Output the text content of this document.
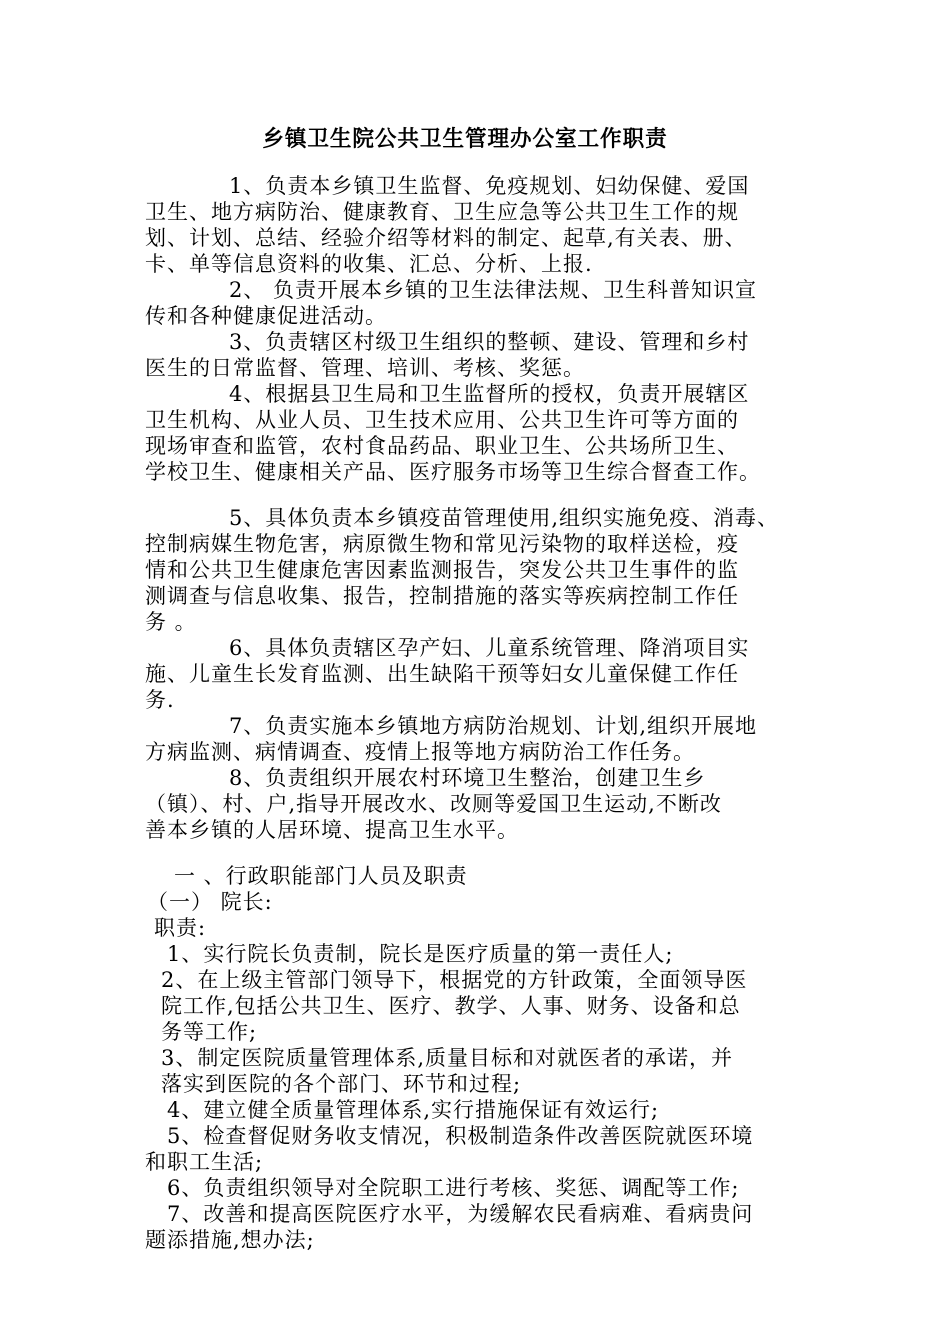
乡镇卫生院公共卫生管理办公室工作职责
1、负责本乡镇卫生监督、免疫规划、妇幼保健、爱国
卫生、地方病防治、健康教育、卫生应急等公共卫生工作的规
划、计划、总结、经验介绍等材料的制定、起草,有关表、册、
卡、单等信息资料的收集、汇总、分析、上报.
2、 负责开展本乡镇的卫生法律法规、卫生科普知识宣
传和各种健康促进活动。
3、负责辖区村级卫生组织的整顿、建设、管理和乡村
医生的日常监督、管理、培训、考核、奖惩。
4、根据县卫生局和卫生监督所的授权，负责开展辖区
卫生机构、从业人员、卫生技术应用、公共卫生许可等方面的
现场审查和监管，农村食品药品、职业卫生、公共场所卫生、
学校卫生、健康相关产品、医疗服务市场等卫生综合督查工作。
5、具体负责本乡镇疫苗管理使用,组织实施免疫、消毒、
控制病媒生物危害，病原微生物和常见污染物的取样送检，疫
情和公共卫生健康危害因素监测报告，突发公共卫生事件的监
测调查与信息收集、报告，控制措施的落实等疾病控制工作任
务 。
6、具体负责辖区孕产妇、儿童系统管理、降消项目实
施、儿童生长发育监测、出生缺陷干预等妇女儿童保健工作任
务.
7、负责实施本乡镇地方病防治规划、计划,组织开展地
方病监测、病情调查、疫情上报等地方病防治工作任务。
8、负责组织开展农村环境卫生整治，创建卫生乡
（镇）、村、户,指导开展改水、改厕等爱国卫生运动,不断改
善本乡镇的人居环境、提高卫生水平。
一 、行政职能部门人员及职责
（一） 院长:
职责:
1、实行院长负责制，院长是医疗质量的第一责任人;
2、在上级主管部门领导下，根据党的方针政策，全面领导医
院工作,包括公共卫生、医疗、教学、人事、财务、设备和总
务等工作;
3、制定医院质量管理体系,质量目标和对就医者的承诺，并
落实到医院的各个部门、环节和过程;
4、建立健全质量管理体系,实行措施保证有效运行;
5、检查督促财务收支情况，积极制造条件改善医院就医环境
和职工生活;
6、负责组织领导对全院职工进行考核、奖惩、调配等工作;
7、改善和提高医院医疗水平，为缓解农民看病难、看病贵问
题添措施,想办法;
